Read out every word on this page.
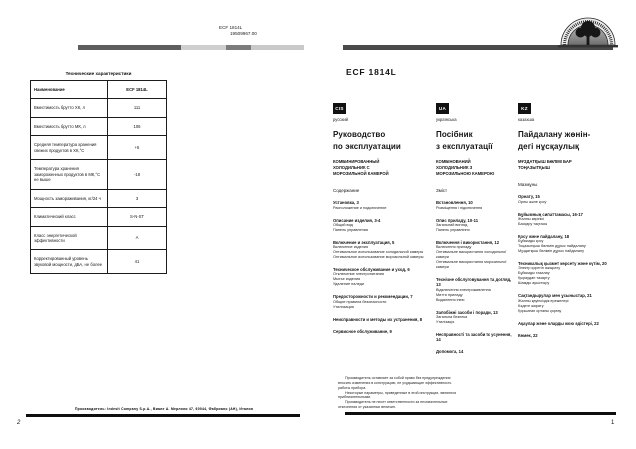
ECF 1814L
19509967.00
Технические характеристики
Наименование	ECF 1814L
Вместимость брутто ХК, л	111
Вместимость брутто МК, л	106
Средняя температура хранения свежих продуктов в ХК,°С	+5
Температура хранения замороженных продуктов в МК,°С не выше	-18
Мощность замораживания, кг/24 ч	3
Климатический класс	S-N-ST
Класс энергетической эффективности	A
Корректированный уровень звуковой мощности, дБА, не более	41
Производитель: Indesit Company S.p.A., Виале А. Мерлони 47, 60044, Фабриано (АН), Италия
2
ECF 1814L
CIS
русский
Руководство
по эксплуатации
КОМБИНИРОВАННЫЙ ХОЛОДИЛЬНИК С МОРОЗИЛЬНОЙ КАМЕРОЙ
Содержание
Установка, 3
Расположение и подключение
Описание изделия, 3-4
Общий вид
Панель управления
Включение и эксплуатация, 5
Включение изделия
Оптимальное использование холодильной камеры
Оптимальное использование морозильной камеры
Техническое обслуживание и уход, 6
Отключение электропитания
Мытье изделия
Удаление наледи
Предосторожности и рекомендации, 7
Общие правила безопасности
Утилизация
Неисправности и методы их устранения, 8
Сервисное обслуживание, 9
UA
українська
Посібник
з експлуатації
КОМБІНОВАНИЙ ХОЛОДИЛЬНИК З МОРОЗИЛЬНОЮ КАМЕРОЮ
Зміст
Встановлення, 10
Розміщення і підключення
Опис приладу, 10-11
Загальний вигляд
Панель управління
Включення і використання, 12
Включення приладу
Оптимальне використання холодильної камери
Оптимальне використання морозильної камери
Технічне обслуговування та догляд, 13
Відключення електроживлення
Миття приладу
Видалення інею
Запобіжні засоби і поради, 13
Загальна безпека
Утилізація
Несправності та засоби їх усунення, 14
Допомога, 14
KZ
казахша
Пайдалану жөнін-
дегі нұсқаулық
МҰЗДАТҚЫШ БӨЛІМІ БАР ТОҢАЗЫТҚЫШ
Мазмұны
Орнату, 15
Орны және қосу
Бұйымның сипаттамасы, 16-17
Жалпы көрінісі
Басқару тақтасы
Қосу және пайдалану, 18
Бұйымды қосу
Тоңазытқыш бөлімін дұрыс пайдалану
Мұздатқыш бөлімін дұрыс пайдалану
Техникалық қызмет көрсету және күтім, 20
Электр қорегін ажырату
Бұйымды тазалау
Қыраудан тазарту
Шамды ауыстыру
Сақтандырулар мен ұсыныстар, 21
Жалпы қауіпсіздік ережелері
Кәдеге жарату
Қоршаған ортаны қорғау
Ақаулар және оларды жою әдістері, 22
Көмек, 22
Производитель оставляет за собой право без предупреждения вносить изменения в конструкцию, не ухудшающие эффективность работы прибора.
Некоторые параметры, приведенные в этой инструкции, являются приблизительными.
Производитель не несет ответственности за незначительные отклонения от указанных величин.
1
